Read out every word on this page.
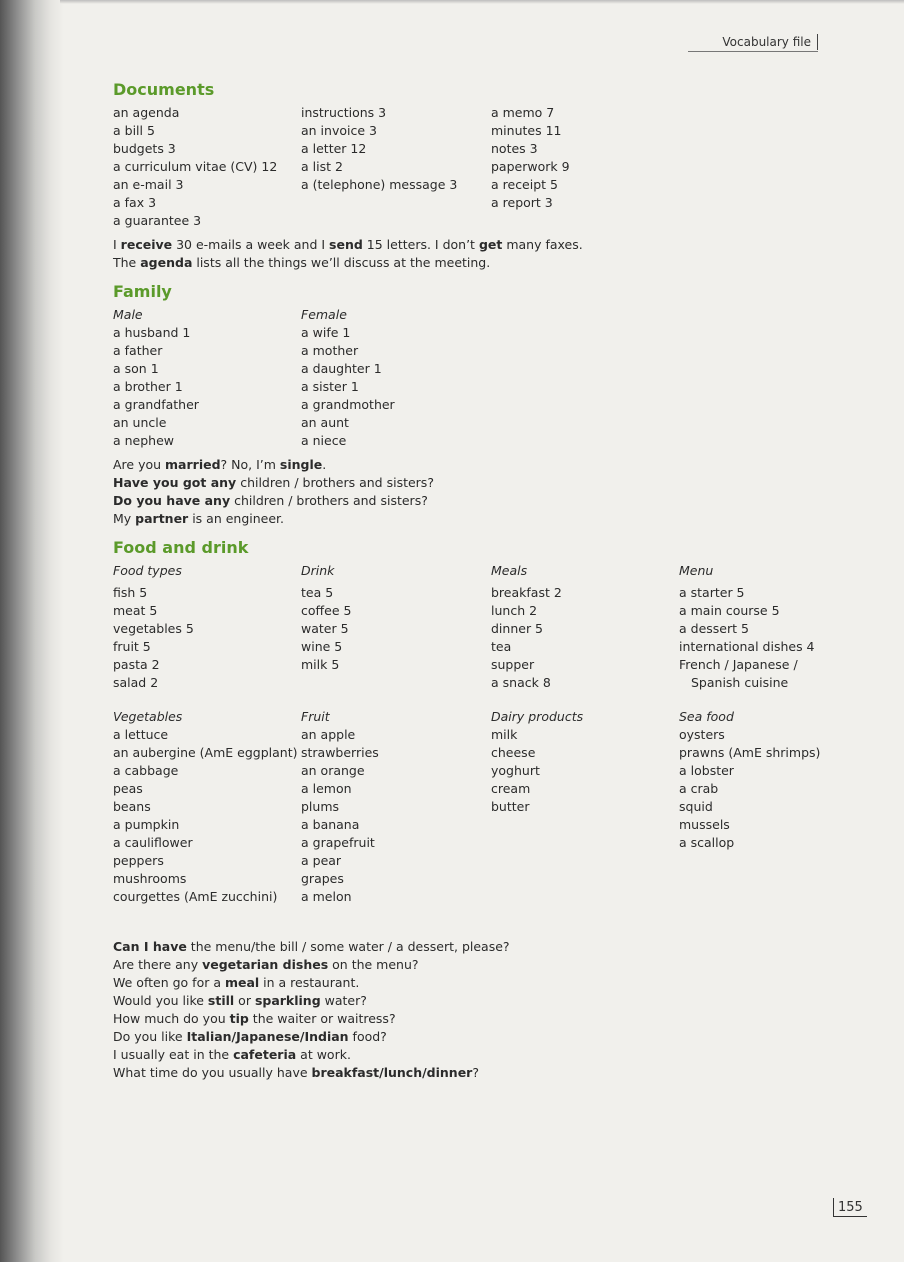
Vocabulary file
Documents
an agenda
a bill 5
budgets 3
a curriculum vitae (CV) 12
an e-mail 3
a fax 3
a guarantee 3
instructions 3
an invoice 3
a letter 12
a list 2
a (telephone) message 3
a memo 7
minutes 11
notes 3
paperwork 9
a receipt 5
a report 3
I receive 30 e-mails a week and I send 15 letters. I don’t get many faxes.
The agenda lists all the things we’ll discuss at the meeting.
Family
Male
a husband 1
a father
a son 1
a brother 1
a grandfather
an uncle
a nephew
Female
a wife 1
a mother
a daughter 1
a sister 1
a grandmother
an aunt
a niece
Are you married? No, I’m single.
Have you got any children / brothers and sisters?
Do you have any children / brothers and sisters?
My partner is an engineer.
Food and drink
Food types
fish 5
meat 5
vegetables 5
fruit 5
pasta 2
salad 2
Drink
tea 5
coffee 5
water 5
wine 5
milk 5
Meals
breakfast 2
lunch 2
dinner 5
tea
supper
a snack 8
Menu
a starter 5
a main course 5
a dessert 5
international dishes 4
French / Japanese /
Spanish cuisine
Vegetables
a lettuce
an aubergine (AmE eggplant)
a cabbage
peas
beans
a pumpkin
a cauliflower
peppers
mushrooms
courgettes (AmE zucchini)
Fruit
an apple
strawberries
an orange
a lemon
plums
a banana
a grapefruit
a pear
grapes
a melon
Dairy products
milk
cheese
yoghurt
cream
butter
Sea food
oysters
prawns (AmE shrimps)
a lobster
a crab
squid
mussels
a scallop
Can I have the menu/the bill / some water / a dessert, please?
Are there any vegetarian dishes on the menu?
We often go for a meal in a restaurant.
Would you like still or sparkling water?
How much do you tip the waiter or waitress?
Do you like Italian/Japanese/Indian food?
I usually eat in the cafeteria at work.
What time do you usually have breakfast/lunch/dinner?
155
